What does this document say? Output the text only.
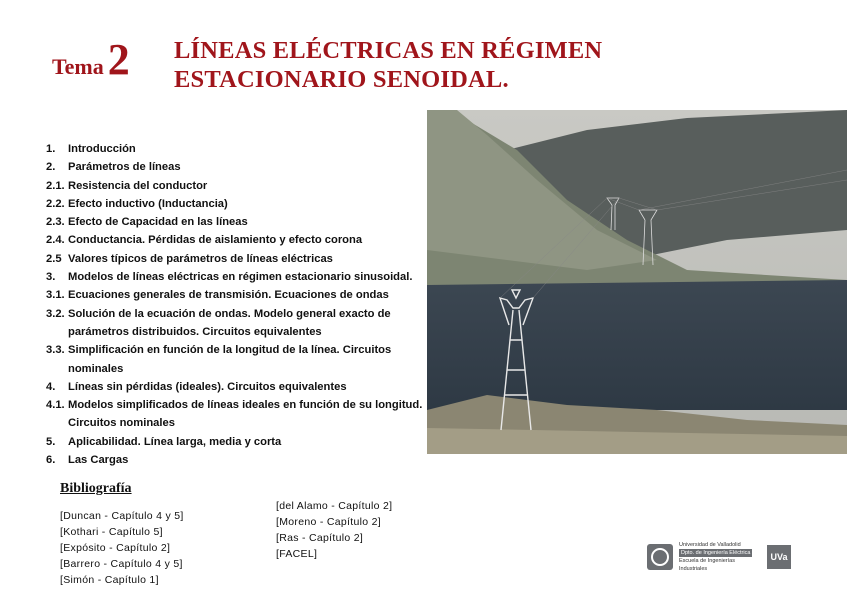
Tema2 LÍNEAS ELÉCTRICAS EN RÉGIMEN
ESTACIONARIO SENOIDAL.
1.	Introducción
2.	Parámetros de líneas
2.1. Resistencia del conductor
2.2. Efecto inductivo (Inductancia)
2.3. Efecto de Capacidad en las líneas
2.4. Conductancia. Pérdidas de aislamiento y efecto corona
2.5 Valores típicos de parámetros de líneas eléctricas
3.	Modelos de líneas eléctricas en régimen estacionario sinusoidal.
3.1. Ecuaciones generales de transmisión. Ecuaciones de ondas
3.2. Solución de la ecuación de ondas. Modelo general exacto de parámetros distribuidos. Circuitos equivalentes
3.3. Simplificación en función de la longitud de la línea. Circuitos nominales
4.	Líneas sin pérdidas (ideales). Circuitos equivalentes
4.1. Modelos simplificados de líneas ideales en función de su longitud. Circuitos nominales
5.	Aplicabilidad. Línea larga, media y corta
6.	Las Cargas
Bibliografía
[Duncan - Capítulo 4 y 5]
[Kothari - Capítulo 5]
[Expósito - Capítulo 2]
[Barrero - Capítulo 4 y 5]
[Simón - Capítulo 1]
[del Alamo - Capítulo 2]
[Moreno - Capítulo 2]
[Ras - Capítulo 2]
[FACEL]
Universidad de Valladolid
Dpto. de Ingeniería Eléctrica
Escuela de Ingenierías Industriales
UVa
